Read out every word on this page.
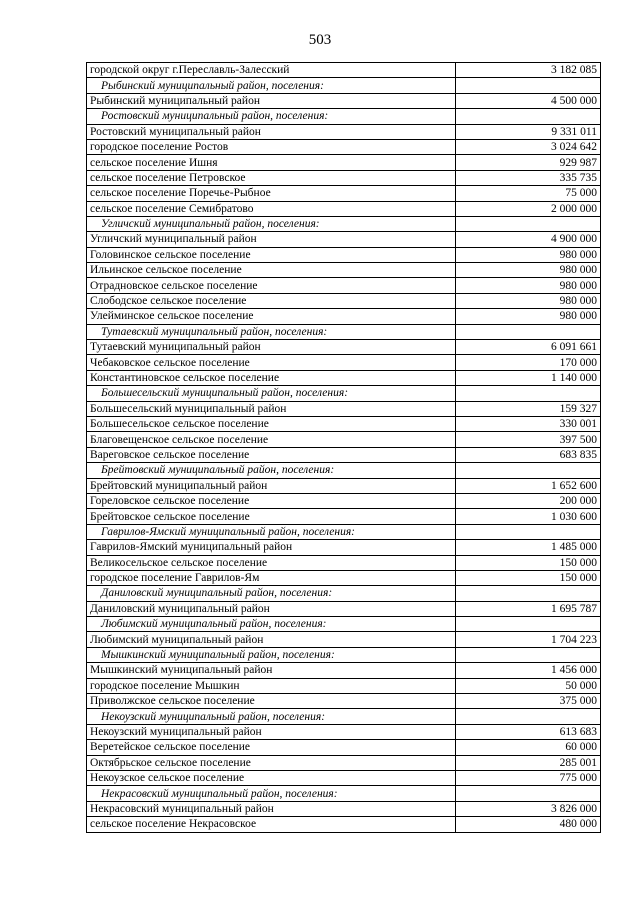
503
городской округ г.Переславль-Залесский	3 182 085
Рыбинский муниципальный район, поселения:	
Рыбинский муниципальный район	4 500 000
Ростовский муниципальный район, поселения:	
Ростовский муниципальный район	9 331 011
городское поселение Ростов	3 024 642
сельское поселение Ишня	929 987
сельское поселение Петровское	335 735
сельское поселение Поречье-Рыбное	75 000
сельское поселение Семибратово	2 000 000
Угличский муниципальный район, поселения:	
Угличский муниципальный район	4 900 000
Головинское сельское поселение	980 000
Ильинское сельское поселение	980 000
Отрадновское сельское поселение	980 000
Слободское сельское поселение	980 000
Улейминское сельское поселение	980 000
Тутаевский муниципальный район, поселения:	
Тутаевский муниципальный район	6 091 661
Чебаковское сельское поселение	170 000
Константиновское сельское поселение	1 140 000
Большесельский муниципальный район, поселения:	
Большесельский муниципальный район	159 327
Большесельское сельское поселение	330 001
Благовещенское сельское поселение	397 500
Вареговское сельское поселение	683 835
Брейтовский муниципальный район, поселения:	
Брейтовский муниципальный район	1 652 600
Гореловское сельское поселение	200 000
Брейтовское сельское поселение	1 030 600
Гаврилов-Ямский муниципальный район, поселения:	
Гаврилов-Ямский муниципальный район	1 485 000
Великосельское сельское поселение	150 000
городское поселение Гаврилов-Ям	150 000
Даниловский муниципальный район, поселения:	
Даниловский муниципальный район	1 695 787
Любимский муниципальный район, поселения:	
Любимский муниципальный район	1 704 223
Мышкинский муниципальный район, поселения:	
Мышкинский муниципальный район	1 456 000
городское поселение Мышкин	50 000
Приволжское сельское поселение	375 000
Некоузский муниципальный район, поселения:	
Некоузский муниципальный район	613 683
Веретейское сельское поселение	60 000
Октябрьское сельское поселение	285 001
Некоузское сельское поселение	775 000
Некрасовский муниципальный район, поселения:	
Некрасовский муниципальный район	3 826 000
сельское поселение Некрасовское	480 000
